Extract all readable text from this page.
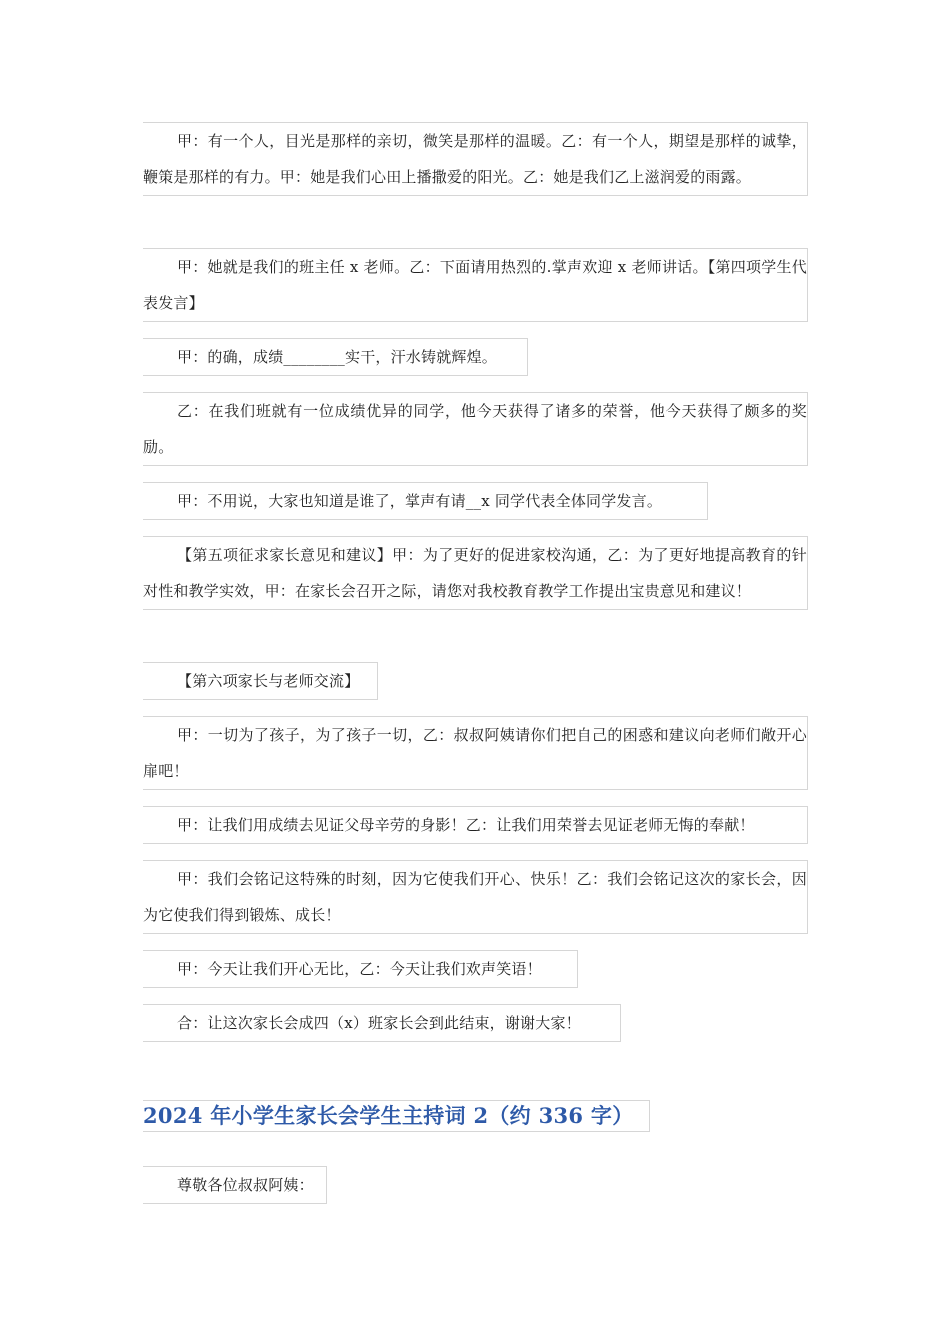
甲：有一个人，目光是那样的亲切，微笑是那样的温暖。乙：有一个人，期望是那样的诚挚，鞭策是那样的有力。甲：她是我们心田上播撒爱的阳光。乙：她是我们乙上滋润爱的雨露。

甲：她就是我们的班主任 x 老师。乙：下面请用热烈的.掌声欢迎 x 老师讲话。【第四项学生代表发言】

甲：的确，成绩________实干，汗水铸就辉煌。

乙：在我们班就有一位成绩优异的同学，他今天获得了诸多的荣誉，他今天获得了颇多的奖励。

甲：不用说，大家也知道是谁了，掌声有请__x 同学代表全体同学发言。

【第五项征求家长意见和建议】甲：为了更好的促进家校沟通，乙：为了更好地提高教育的针对性和教学实效，甲：在家长会召开之际，请您对我校教育教学工作提出宝贵意见和建议！

【第六项家长与老师交流】

甲：一切为了孩子，为了孩子一切，乙：叔叔阿姨请你们把自己的困惑和建议向老师们敞开心扉吧！

甲：让我们用成绩去见证父母辛劳的身影！乙：让我们用荣誉去见证老师无悔的奉献！

甲：我们会铭记这特殊的时刻，因为它使我们开心、快乐！乙：我们会铭记这次的家长会，因为它使我们得到锻炼、成长！

甲：今天让我们开心无比，乙：今天让我们欢声笑语！

合：让这次家长会成四（x）班家长会到此结束，谢谢大家！

2024 年小学生家长会学生主持词 2（约 336 字）

尊敬各位叔叔阿姨：
